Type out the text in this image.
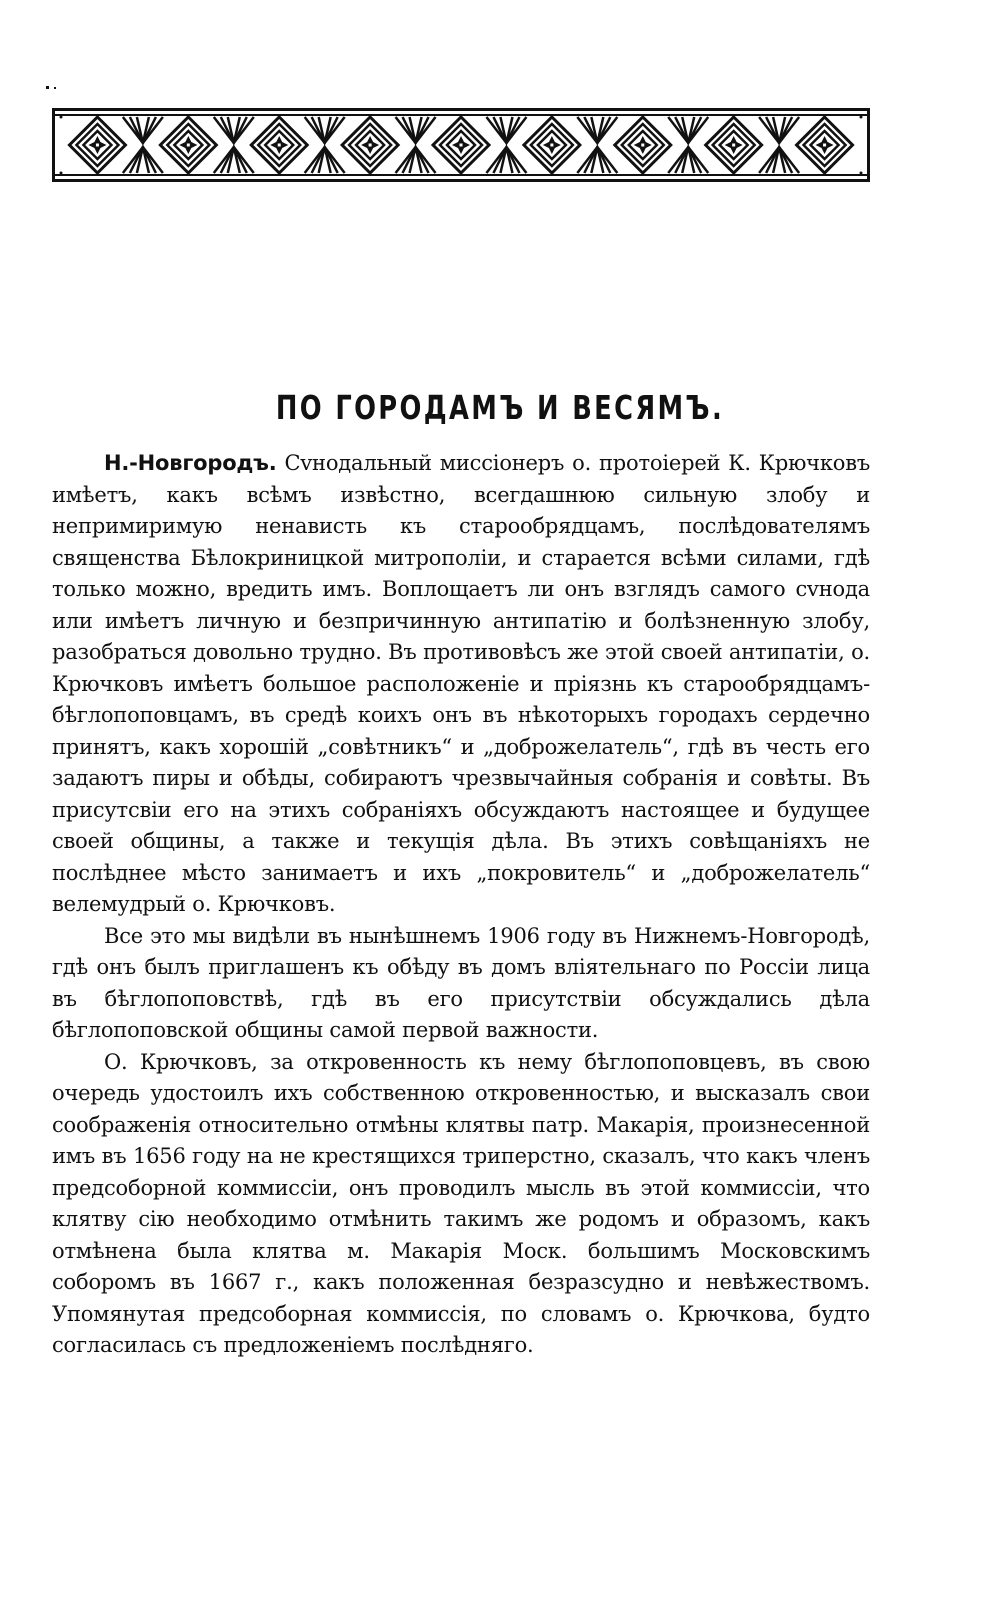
ПО ГОРОДАМЪ И ВЕСЯМЪ.

Н.-Новгородъ. Сvнодальный миссіонеръ о. протоіерей К. Крючковъ имѣетъ, какъ всѣмъ извѣстно, всегдашнюю сильную злобу и непримиримую ненависть къ старообрядцамъ, послѣдователямъ священства Бѣлокриницкой митрополіи, и старается всѣми силами, гдѣ только можно, вредить имъ. Воплощаетъ ли онъ взглядъ самого сvнода или имѣетъ личную и безпричинную антипатію и болѣзненную злобу, разобраться довольно трудно. Въ противовѣсъ же этой своей антипатіи, о. Крючковъ имѣетъ большое расположеніе и пріязнь къ старообрядцамъ-бѣглопоповцамъ, въ средѣ коихъ онъ въ нѣкоторыхъ городахъ сердечно принятъ, какъ хорошій „совѣтникъ“ и „доброжелатель“, гдѣ въ честь его задаютъ пиры и обѣды, собираютъ чрезвычайныя собранія и совѣты. Въ присутсвіи его на этихъ собраніяхъ обсуждаютъ настоящее и будущее своей общины, а также и текущія дѣла. Въ этихъ совѣщаніяхъ не послѣднее мѣсто занимаетъ и ихъ „покровитель“ и „доброжелатель“ велемудрый о. Крючковъ.

Все это мы видѣли въ нынѣшнемъ 1906 году въ Нижнемъ-Новгородѣ, гдѣ онъ былъ приглашенъ къ обѣду въ домъ вліятельнаго по Россіи лица въ бѣглопоповствѣ, гдѣ въ его присутствіи обсуждались дѣла бѣглопоповской общины самой первой важности.

О. Крючковъ, за откровенность къ нему бѣглопоповцевъ, въ свою очередь удостоилъ ихъ собственною откровенностью, и высказалъ свои соображенія относительно отмѣны клятвы патр. Макарія, произнесенной имъ въ 1656 году на не крестящихся триперстно, сказалъ, что какъ членъ предсоборной коммиссіи, онъ проводилъ мысль въ этой коммиссіи, что клятву сію необходимо отмѣнить такимъ же родомъ и образомъ, какъ отмѣнена была клятва м. Макарія Моск. большимъ Московскимъ соборомъ въ 1667 г., какъ положенная безразсудно и невѣжествомъ. Упомянутая предсоборная коммиссія, по словамъ о. Крючкова, будто согласилась съ предложеніемъ послѣдняго.
